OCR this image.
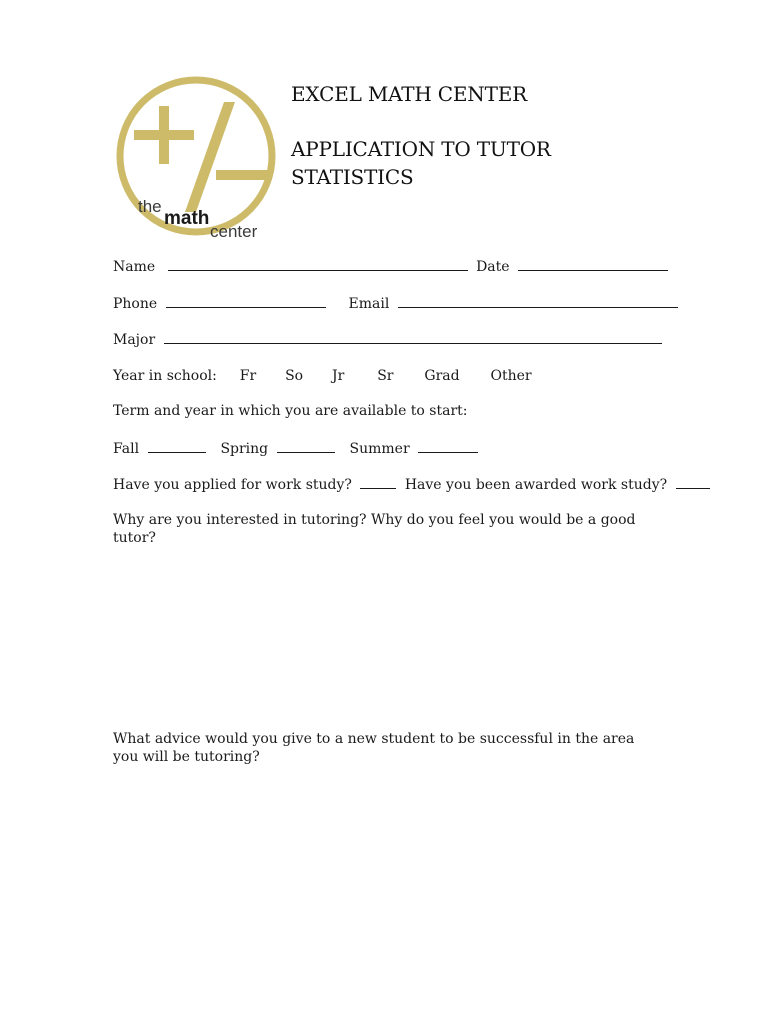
the
math
center
EXCEL MATH CENTER
APPLICATION TO TUTOR
STATISTICS
Name	Date
Phone	Email
Major
Year in school: Fr So Jr Sr Grad Other
Term and year in which you are available to start:
Fall	Spring	Summer
Have you applied for work study?	Have you been awarded work study?
Why are you interested in tutoring? Why do you feel you would be a good tutor?
What advice would you give to a new student to be successful in the area you will be tutoring?
